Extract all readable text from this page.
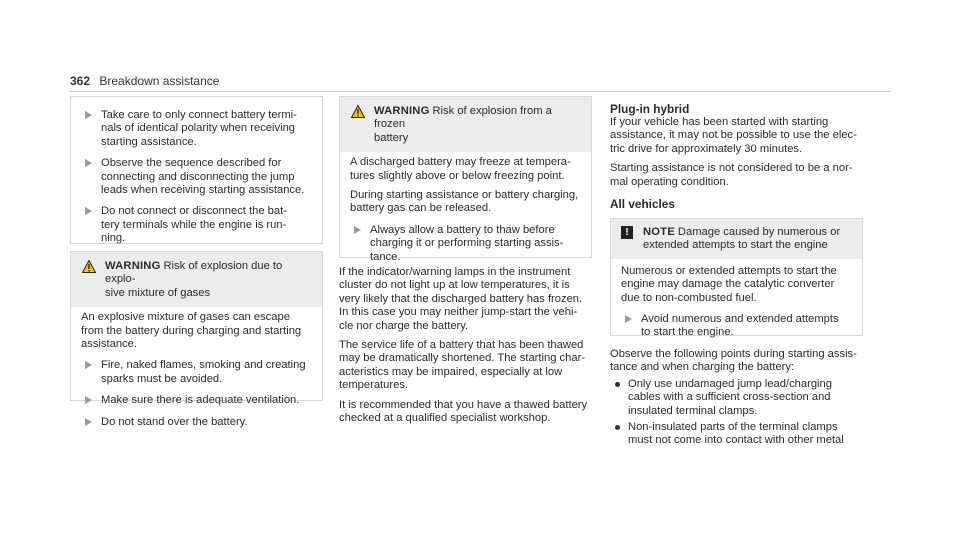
362 Breakdown assistance
Take care to only connect battery termi-
nals of identical polarity when receiving
starting assistance.
Observe the sequence described for
connecting and disconnecting the jump
leads when receiving starting assistance.
Do not connect or disconnect the bat-
tery terminals while the engine is run-
ning.
WARNING Risk of explosion due to explo-
sive mixture of gases

An explosive mixture of gases can escape
from the battery during charging and starting
assistance.

Fire, naked flames, smoking and creating
sparks must be avoided.
Make sure there is adequate ventilation.
Do not stand over the battery.
WARNING Risk of explosion from a frozen
battery

A discharged battery may freeze at tempera-
tures slightly above or below freezing point.

During starting assistance or battery charging,
battery gas can be released.

Always allow a battery to thaw before
charging it or performing starting assis-
tance.

If the indicator/warning lamps in the instrument
cluster do not light up at low temperatures, it is
very likely that the discharged battery has frozen.
In this case you may neither jump-start the vehi-
cle nor charge the battery.

The service life of a battery that has been thawed
may be dramatically shortened. The starting char-
acteristics may be impaired, especially at low
temperatures.

It is recommended that you have a thawed battery
checked at a qualified specialist workshop.

Plug-in hybrid

If your vehicle has been started with starting
assistance, it may not be possible to use the elec-
tric drive for approximately 30 minutes.

Starting assistance is not considered to be a nor-
mal operating condition.

All vehicles

!	NOTE Damage caused by numerous or
extended attempts to start the engine

Numerous or extended attempts to start the
engine may damage the catalytic converter
due to non-combusted fuel.

Avoid numerous and extended attempts
to start the engine.

Observe the following points during starting assis-
tance and when charging the battery:

Only use undamaged jump lead/charging
cables with a sufficient cross-section and
insulated terminal clamps.
Non-insulated parts of the terminal clamps
must not come into contact with other metal
